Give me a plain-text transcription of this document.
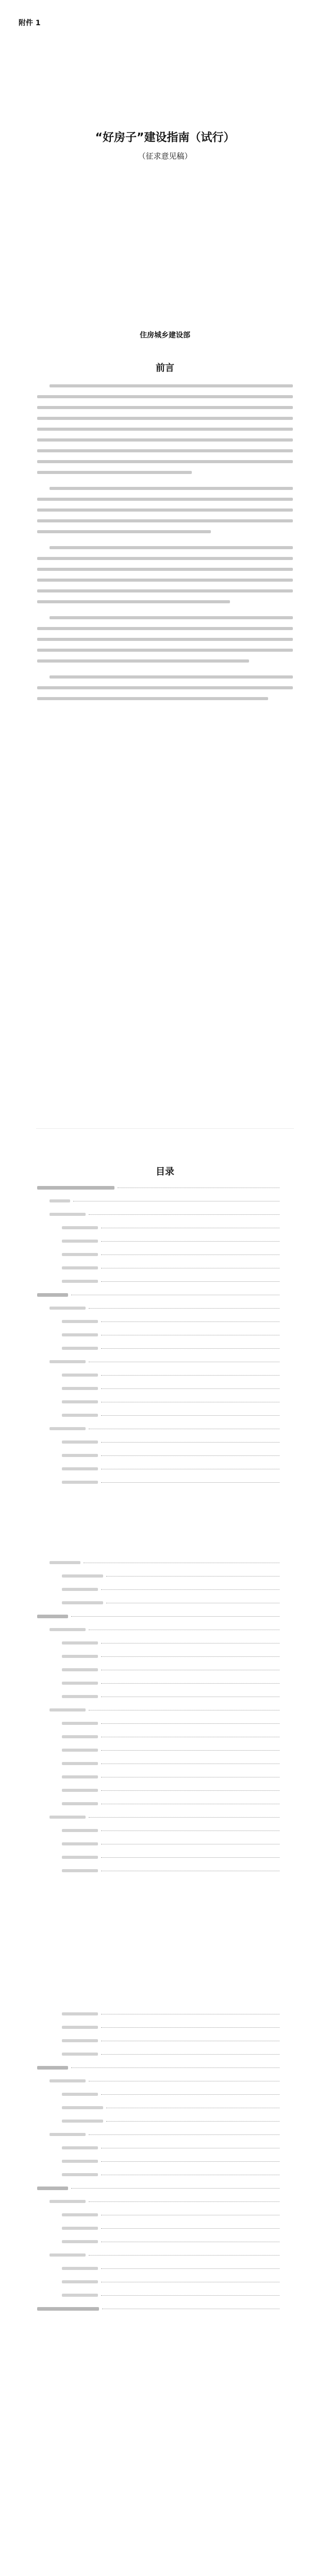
附件 1
“好房子”建设指南（试行）
（征求意见稿）
住房城乡建设部
前言
目录
